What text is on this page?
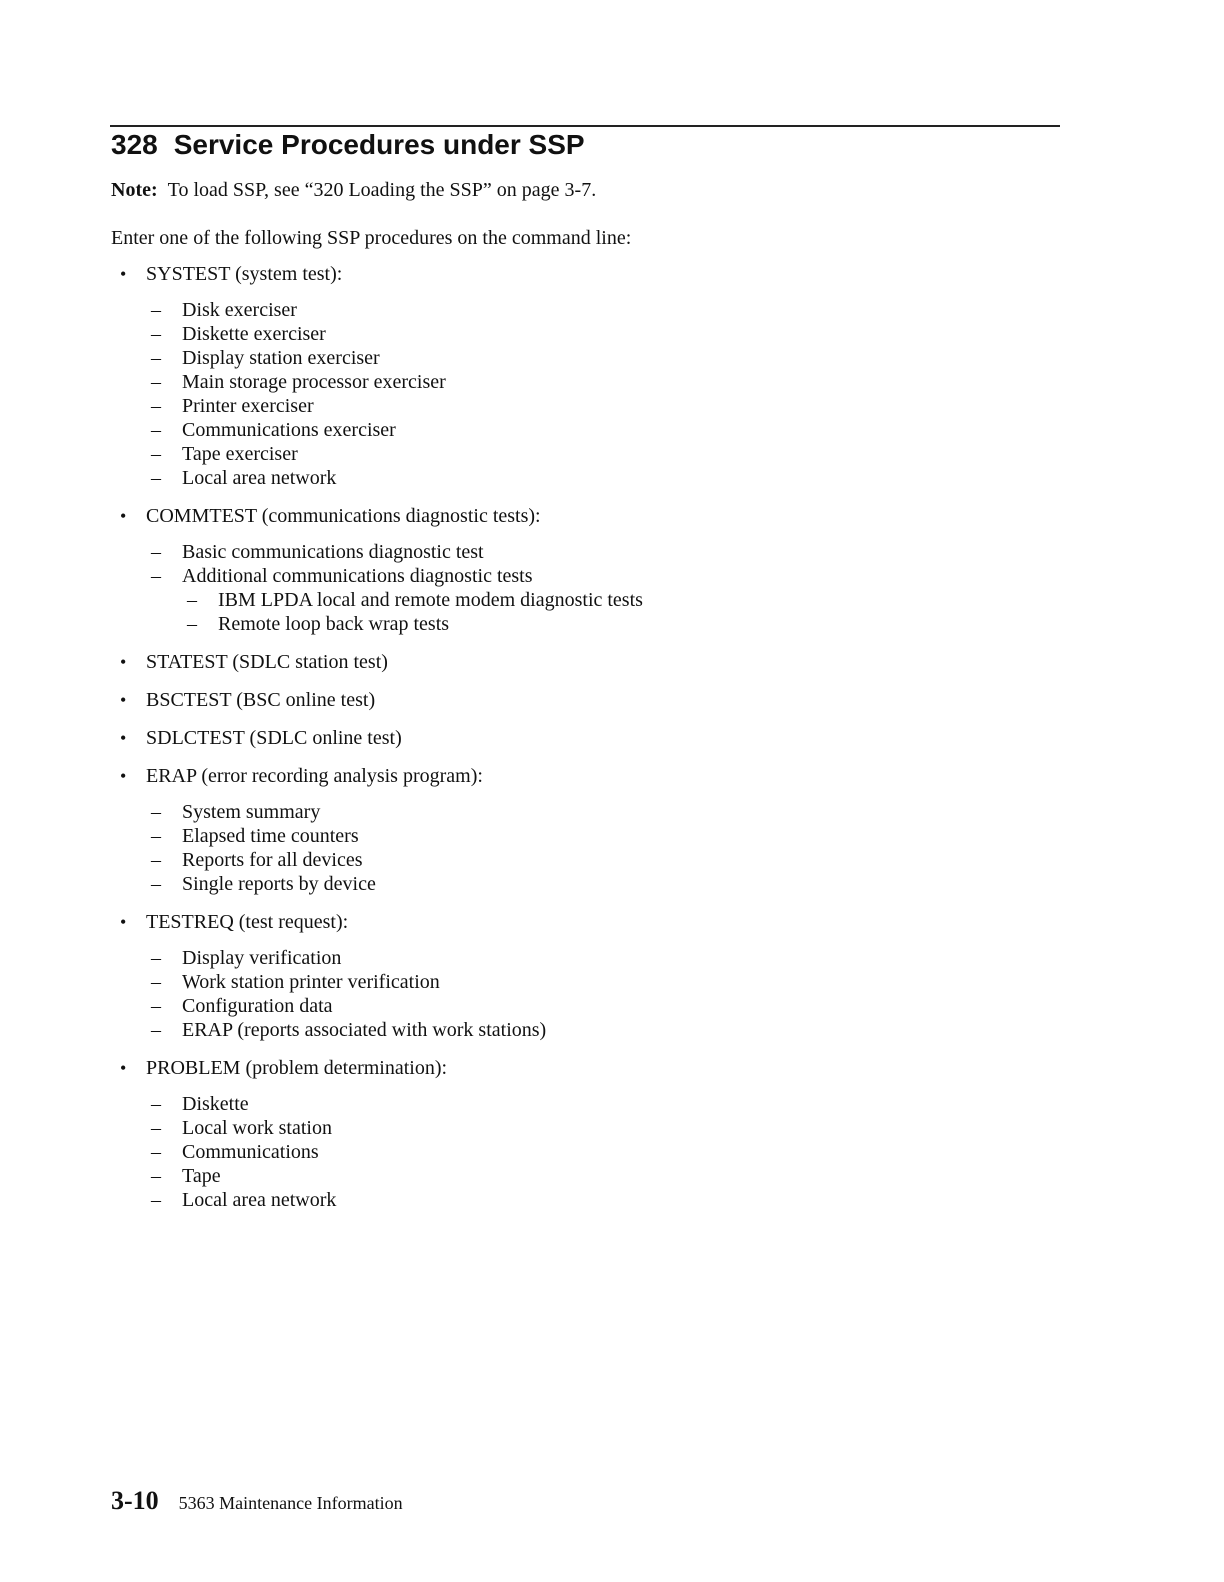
328 Service Procedures under SSP
Note: To load SSP, see “320 Loading the SSP” on page 3-7.
Enter one of the following SSP procedures on the command line:
• SYSTEST (system test):
– Disk exerciser
– Diskette exerciser
– Display station exerciser
– Main storage processor exerciser
– Printer exerciser
– Communications exerciser
– Tape exerciser
– Local area network
• COMMTEST (communications diagnostic tests):
– Basic communications diagnostic test
– Additional communications diagnostic tests
– IBM LPDA local and remote modem diagnostic tests
– Remote loop back wrap tests
• STATEST (SDLC station test)
• BSCTEST (BSC online test)
• SDLCTEST (SDLC online test)
• ERAP (error recording analysis program):
– System summary
– Elapsed time counters
– Reports for all devices
– Single reports by device
• TESTREQ (test request):
– Display verification
– Work station printer verification
– Configuration data
– ERAP (reports associated with work stations)
• PROBLEM (problem determination):
– Diskette
– Local work station
– Communications
– Tape
– Local area network
3-10 5363 Maintenance Information
